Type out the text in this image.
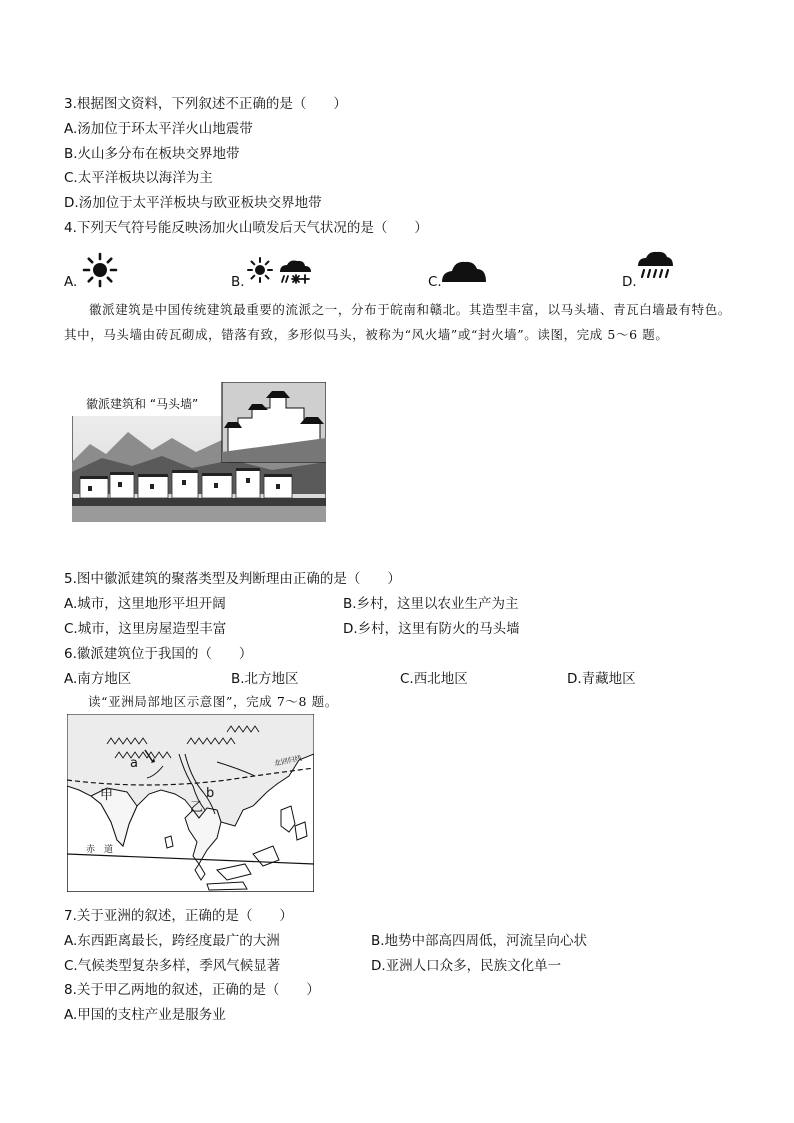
3.根据图文资料，下列叙述不正确的是（　　）
A.汤加位于环太平洋火山地震带
B.火山多分布在板块交界地带
C.太平洋板块以海洋为主
D.汤加位于太平洋板块与欧亚板块交界地带
4.下列天气符号能反映汤加火山喷发后天气状况的是（　　）
A.	B.	C.	D.
徽派建筑是中国传统建筑最重要的流派之一，分布于皖南和赣北。其造型丰富，以马头墙、青瓦白墙最有特色。其中，马头墙由砖瓦砌成，错落有致，多形似马头，被称为“风火墙”或“封火墙”。读图，完成 5～6 题。
徽派建筑和 “马头墙”
5.图中徽派建筑的聚落类型及判断理由正确的是（　　）
A.城市，这里地形平坦开阔	B.乡村，这里以农业生产为主
C.城市，这里房屋造型丰富	D.乡村，这里有防火的马头墙
6.徽派建筑位于我国的（　　）
A.南方地区	B.北方地区	C.西北地区	D.青藏地区
读“亚洲局部地区示意图”，完成 7～8 题。
a
b
甲
乙
赤　道
北回归线
7.关于亚洲的叙述，正确的是（　　）
A.东西距离最长，跨经度最广的大洲	B.地势中部高四周低，河流呈向心状
C.气候类型复杂多样，季风气候显著	D.亚洲人口众多，民族文化单一
8.关于甲乙两地的叙述，正确的是（　　）
A.甲国的支柱产业是服务业
